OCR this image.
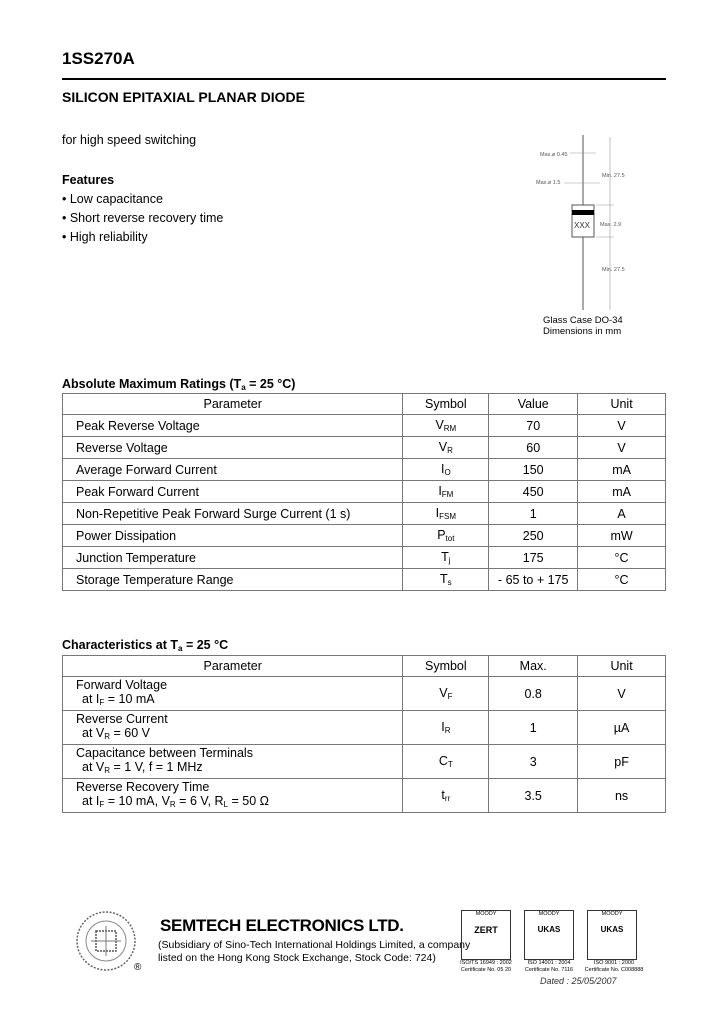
1SS270A
SILICON EPITAXIAL PLANAR DIODE
for high speed switching
Features
• Low capacitance
• Short reverse recovery time
• High reliability
Max.ø 0.45
Max.ø 1.5
Min. 27.5
Max. 2.9
Min. 27.5
XXX
Glass Case DO-34
Dimensions in mm
Absolute Maximum Ratings ($T_a = 25$ °C)
Parameter	Symbol	Value	Unit
Peak Reverse Voltage	$V_{RM}$	70	V
Reverse Voltage	$V_R$	60	V
Average Forward Current	$I_O$	150	mA
Peak Forward Current	$I_{FM}$	450	mA
Non-Repetitive Peak Forward Surge Current (1 s)	$I_{FSM}$	1	A
Power Dissipation	$P_{tot}$	250	mW
Junction Temperature	$T_j$	175	°C
Storage Temperature Range	$T_s$	- 65 to + 175	°C
Characteristics at $T_a = 25$ °C
Parameter	Symbol	Max.	Unit

Forward Voltage
at $I_F = 10$ mA	$V_F$	0.8	V

Reverse Current
at $V_R = 60$ V	$I_R$	1	µA

Capacitance between Terminals
at $V_R = 1$ V, f = 1 MHz	$C_T$	3	pF

Reverse Recovery Time
at $I_F = 10$ mA, $V_R = 6$ V, $R_L = 50$ Ω	$t_{rr}$	3.5	ns
®
SEMTECH ELECTRONICS LTD.
(Subsidiary of Sino-Tech International Holdings Limited, a company
listed on the Hong Kong Stock Exchange, Stock Code: 724)
MOODY
ZERT
MOODY
UKAS
MOODY
UKAS
ISO/TS 16949 : 2002
Certificate No. 05 20
ISO 14001 : 2004
Certificate No. 7116
ISO 9001 : 2000
Certificate No. C008888
Dated : 25/05/2007
